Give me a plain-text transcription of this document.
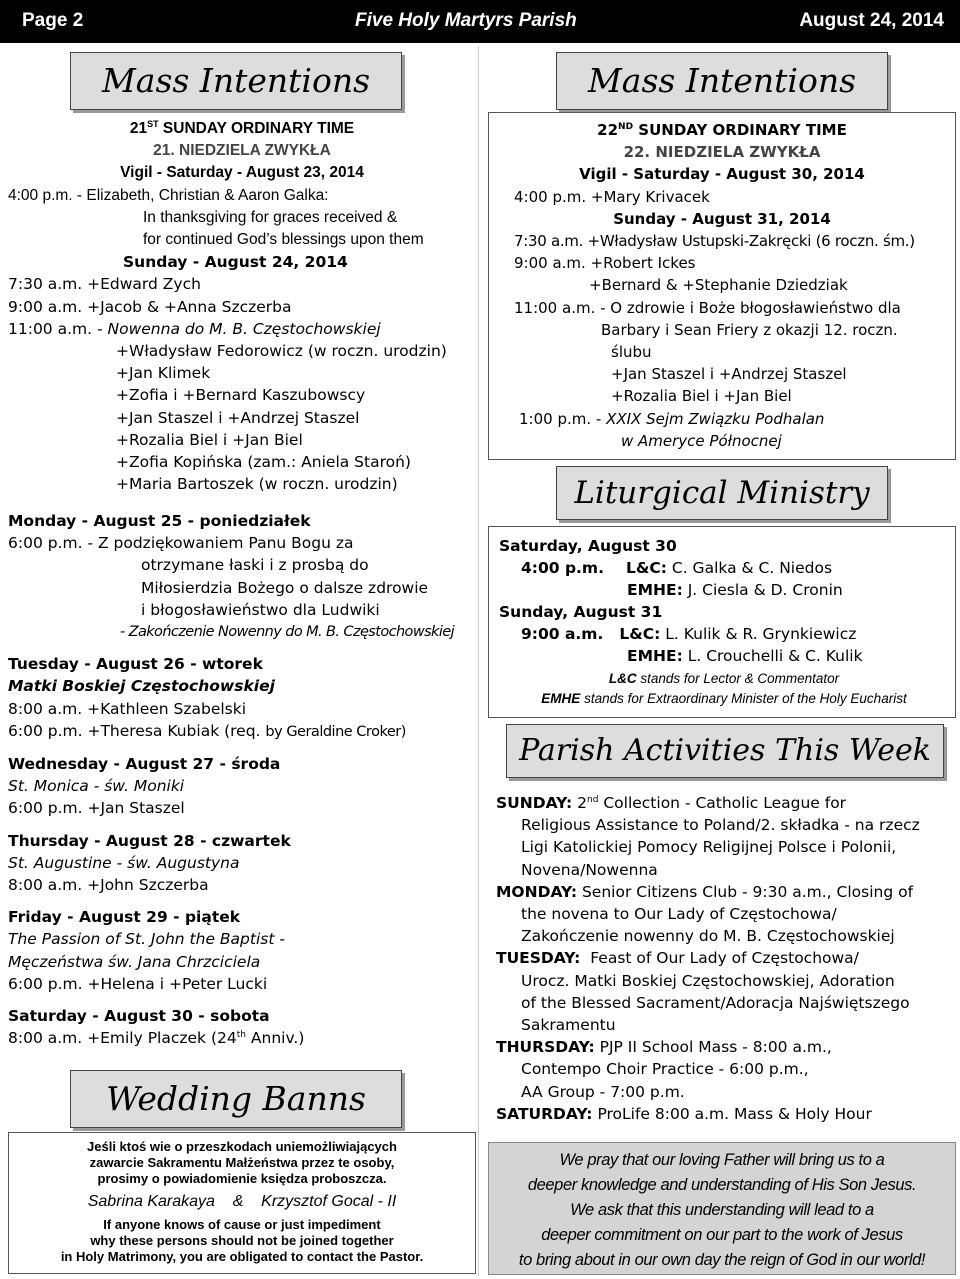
Page 2	Five Holy Martyrs Parish	August 24, 2014
Mass Intentions
21ST SUNDAY ORDINARY TIME
21. NIEDZIELA ZWYKŁA
Vigil - Saturday - August 23, 2014
4:00 p.m. - Elizabeth, Christian & Aaron Galka:
In thanksgiving for graces received &
for continued God’s blessings upon them
Sunday - August 24, 2014
7:30 a.m. +Edward Zych
9:00 a.m. +Jacob & +Anna Szczerba
11:00 a.m. - Nowenna do M. B. Częstochowskiej
+Władysław Fedorowicz (w roczn. urodzin)
+Jan Klimek
+Zofia i +Bernard Kaszubowscy
+Jan Staszel i +Andrzej Staszel
+Rozalia Biel i +Jan Biel
+Zofia Kopińska (zam.: Aniela Staroń)
+Maria Bartoszek (w roczn. urodzin)
Monday - August 25 - poniedziałek
6:00 p.m. - Z podziękowaniem Panu Bogu za
otrzymane łaski i z prosbą do
Miłosierdzia Bożego o dalsze zdrowie
i błogosławieństwo dla Ludwiki
- Zakończenie Nowenny do M. B. Częstochowskiej
Tuesday - August 26 - wtorek
Matki Boskiej Częstochowskiej
8:00 a.m. +Kathleen Szabelski
6:00 p.m. +Theresa Kubiak (req. by Geraldine Croker)
Wednesday - August 27 - środa
St. Monica - św. Moniki
6:00 p.m. +Jan Staszel
Thursday - August 28 - czwartek
St. Augustine - św. Augustyna
8:00 a.m. +John Szczerba
Friday - August 29 - piątek
The Passion of St. John the Baptist -
Męczeństwa św. Jana Chrzciciela
6:00 p.m. +Helena i +Peter Lucki
Saturday - August 30 - sobota
8:00 a.m. +Emily Placzek (24th Anniv.)
Wedding Banns
Jeśli ktoś wie o przeszkodach uniemożliwiających
zawarcie Sakramentu Małżeństwa przez te osoby,
prosimy o powiadomienie księdza proboszcza.
Sabrina Karakaya    &    Krzysztof Gocal - II
If anyone knows of cause or just impediment
why these persons should not be joined together
in Holy Matrimony, you are obligated to contact the Pastor.
Mass Intentions
22ND SUNDAY ORDINARY TIME
22. NIEDZIELA ZWYKŁA
Vigil - Saturday - August 30, 2014
4:00 p.m. +Mary Krivacek
Sunday - August 31, 2014
7:30 a.m. +Władysław Ustupski-Zakręcki (6 roczn. śm.)
9:00 a.m. +Robert Ickes
+Bernard & +Stephanie Dziedziak
11:00 a.m. - O zdrowie i Boże błogosławieństwo dla
Barbary i Sean Friery z okazji 12. roczn.
ślubu
+Jan Staszel i +Andrzej Staszel
+Rozalia Biel i +Jan Biel
1:00 p.m. - XXIX Sejm Związku Podhalan
w Ameryce Północnej
Liturgical Ministry
Saturday, August 30
4:00 p.m. L&C: C. Galka & C. Niedos
EMHE: J. Ciesla & D. Cronin
Sunday, August 31
9:00 a.m. L&C: L. Kulik & R. Grynkiewicz
EMHE: L. Crouchelli & C. Kulik
L&C stands for Lector & Commentator
EMHE stands for Extraordinary Minister of the Holy Eucharist
Parish Activities This Week
SUNDAY: 2nd Collection - Catholic League for
Religious Assistance to Poland/2. składka - na rzecz
Ligi Katolickiej Pomocy Religijnej Polsce i Polonii,
Novena/Nowenna
MONDAY: Senior Citizens Club - 9:30 a.m., Closing of
the novena to Our Lady of Częstochowa/
Zakończenie nowenny do M. B. Częstochowskiej
TUESDAY:  Feast of Our Lady of Częstochowa/
Urocz. Matki Boskiej Częstochowskiej, Adoration
of the Blessed Sacrament/Adoracja Najświętszego
Sakramentu
THURSDAY: PJP II School Mass - 8:00 a.m.,
Contempo Choir Practice - 6:00 p.m.,
AA Group - 7:00 p.m.
SATURDAY: ProLife 8:00 a.m. Mass & Holy Hour
We pray that our loving Father will bring us to a
deeper knowledge and understanding of His Son Jesus.
We ask that this understanding will lead to a
deeper commitment on our part to the work of Jesus
to bring about in our own day the reign of God in our world!
